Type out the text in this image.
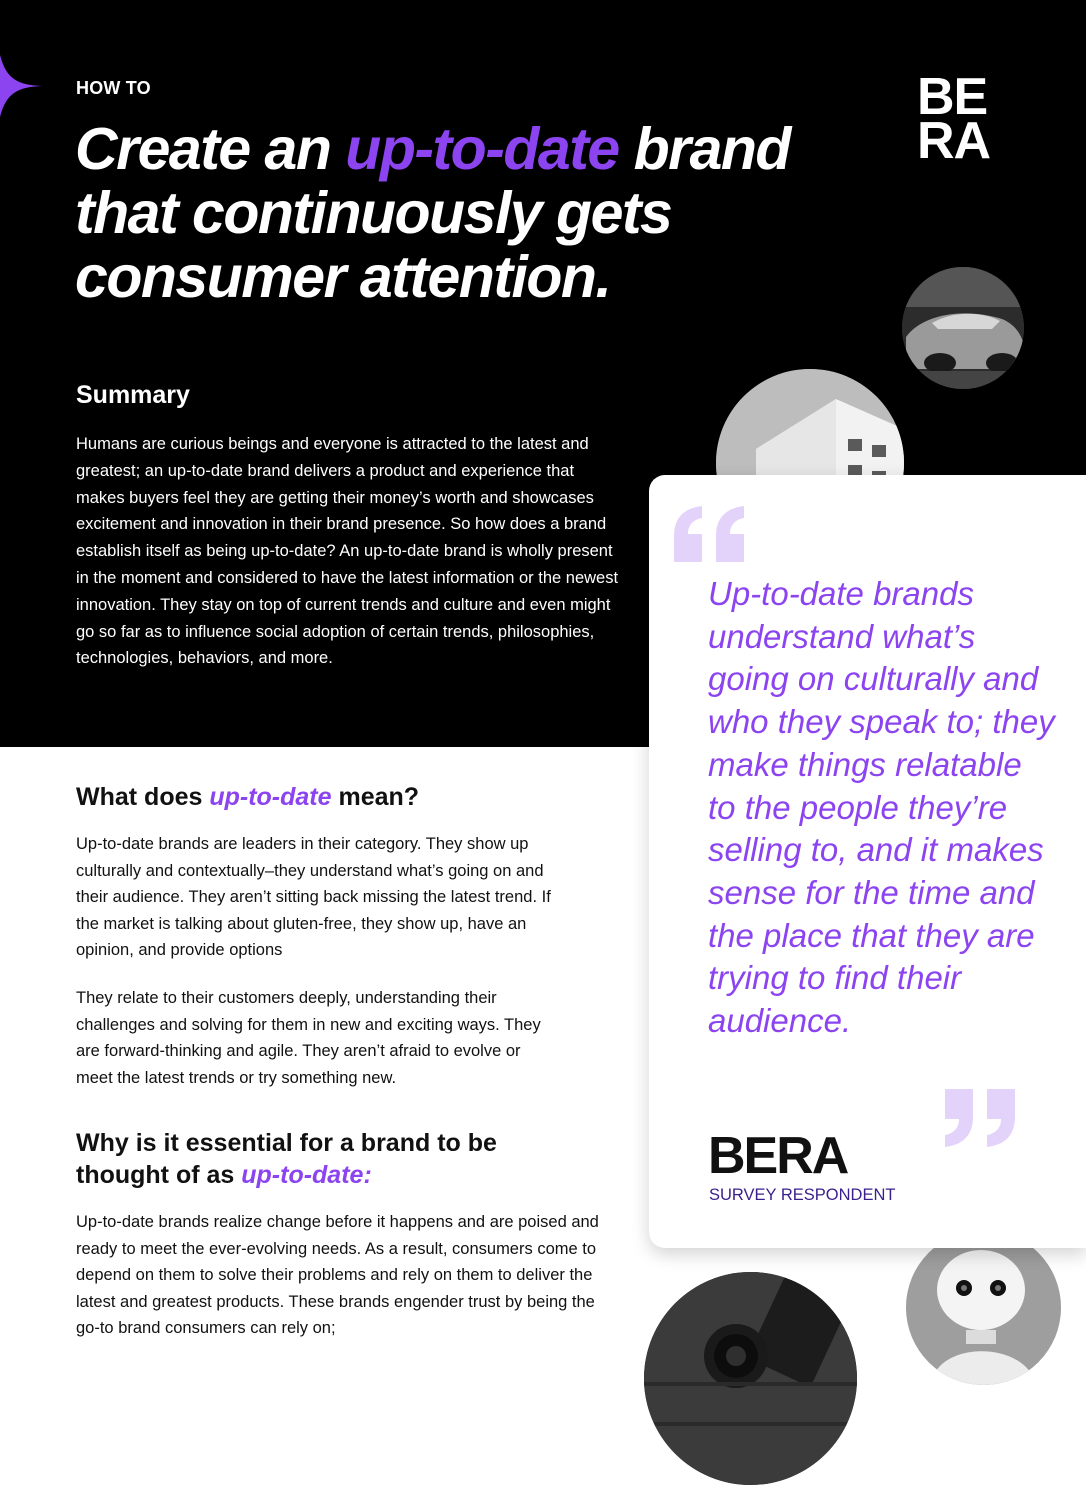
HOW TO	BE
RA
Create an up-to-date brand that continuously gets consumer attention.
Summary

Humans are curious beings and everyone is attracted to the latest and greatest; an up-to-date brand delivers a product and experience that makes buyers feel they are getting their money’s worth and showcases excitement and innovation in their brand presence. So how does a brand establish itself as being up-to-date? An up-to-date brand is wholly present in the moment and considered to have the latest information or the newest innovation. They stay on top of current trends and culture and even might go so far as to influence social adoption of certain trends, philosophies, technologies, behaviors, and more.

Up-to-date brands understand what’s going on culturally and who they speak to; they make things relatable to the people they’re selling to, and it makes sense for the time and the place that they are trying to find their audience.

BERA

SURVEY RESPONDENT

What does up-to-date mean?

Up-to-date brands are leaders in their category. They show up culturally and contextually–they understand what’s going on and their audience. They aren’t sitting back missing the latest trend. If the market is talking about gluten-free, they show up, have an opinion, and provide options

They relate to their customers deeply, understanding their challenges and solving for them in new and exciting ways. They are forward-thinking and agile. They aren’t afraid to evolve or meet the latest trends or try something new.

Why is it essential for a brand to be thought of as up-to-date:

Up-to-date brands realize change before it happens and are poised and ready to meet the ever-evolving needs. As a result, consumers come to depend on them to solve their problems and rely on them to deliver the latest and greatest products. These brands engender trust by being the go-to brand consumers can rely on;
